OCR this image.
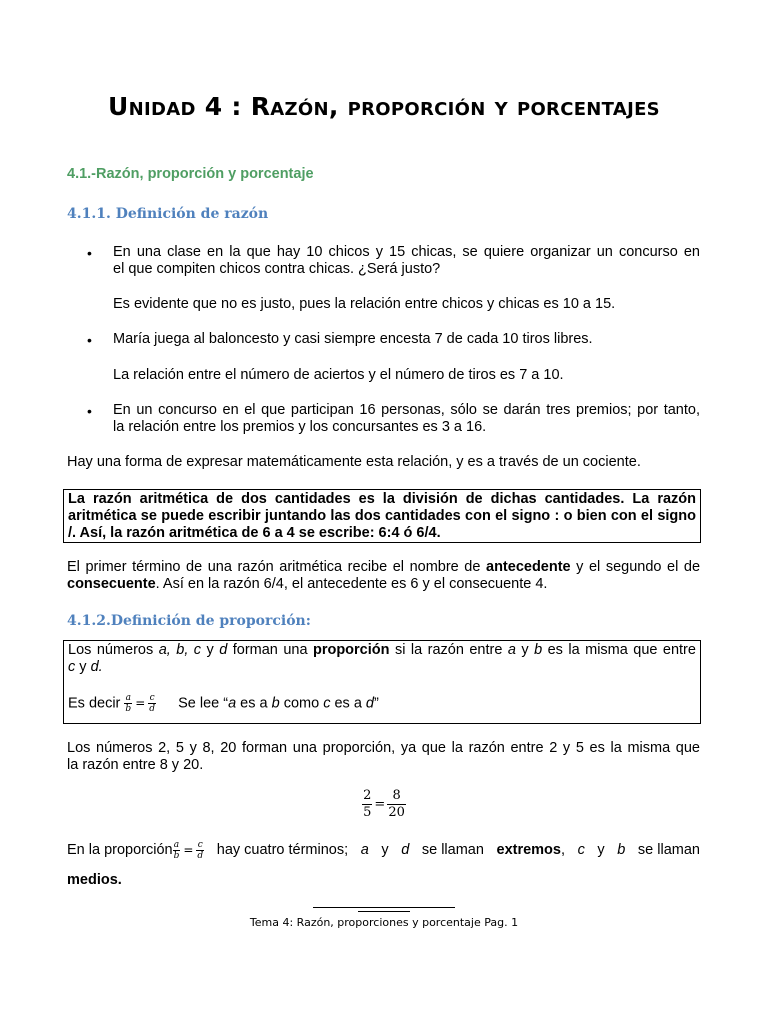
Unidad 4 : Razón, proporción y porcentajes
4.1.-Razón, proporción y porcentaje
4.1.1. Definición de razón
• En una clase en la que hay 10 chicos y 15 chicas, se quiere organizar un concurso en
el que compiten chicos contra chicas. ¿Será justo?
Es evidente que no es justo, pues la relación entre chicos y chicas es 10 a 15.
• María juega al baloncesto y casi siempre encesta 7 de cada 10 tiros libres.
La relación entre el número de aciertos y el número de tiros es 7 a 10.
• En un concurso en el que participan 16 personas, sólo se darán tres premios; por tanto,
la relación entre los premios y los concursantes es 3 a 16.
Hay una forma de expresar matemáticamente esta relación, y es a través de un cociente.
La razón aritmética de dos cantidades es la división de dichas cantidades. La razón aritmética se puede escribir juntando las dos cantidades con el signo : o bien con el signo /. Así, la razón aritmética de 6 a 4 se escribe: 6:4 ó 6/4.
El primer término de una razón aritmética recibe el nombre de antecedente y el segundo el de consecuente. Así en la razón 6/4, el antecedente es 6 y el consecuente 4.
4.1.2.Definición de proporción:
Los números a, b, c y d forman una proporción si la razón entre a y b es la misma que entre
c y d.
Es decir $\frac{a}{b} = \frac{c}{d}$ Se lee “a es a b como c es a d”
Los números 2, 5 y 8, 20 forman una proporción, ya que la razón entre 2 y 5 es la misma que
la razón entre 8 y 20.
$\frac{2}{5} = \frac{8}{20}$
En la proporción $\frac{a}{b} = \frac{c}{d}$ hay cuatro términos; a y d se llaman extremos, c y b se llaman
medios.
Tema 4: Razón, proporciones y porcentaje Pag. 1
